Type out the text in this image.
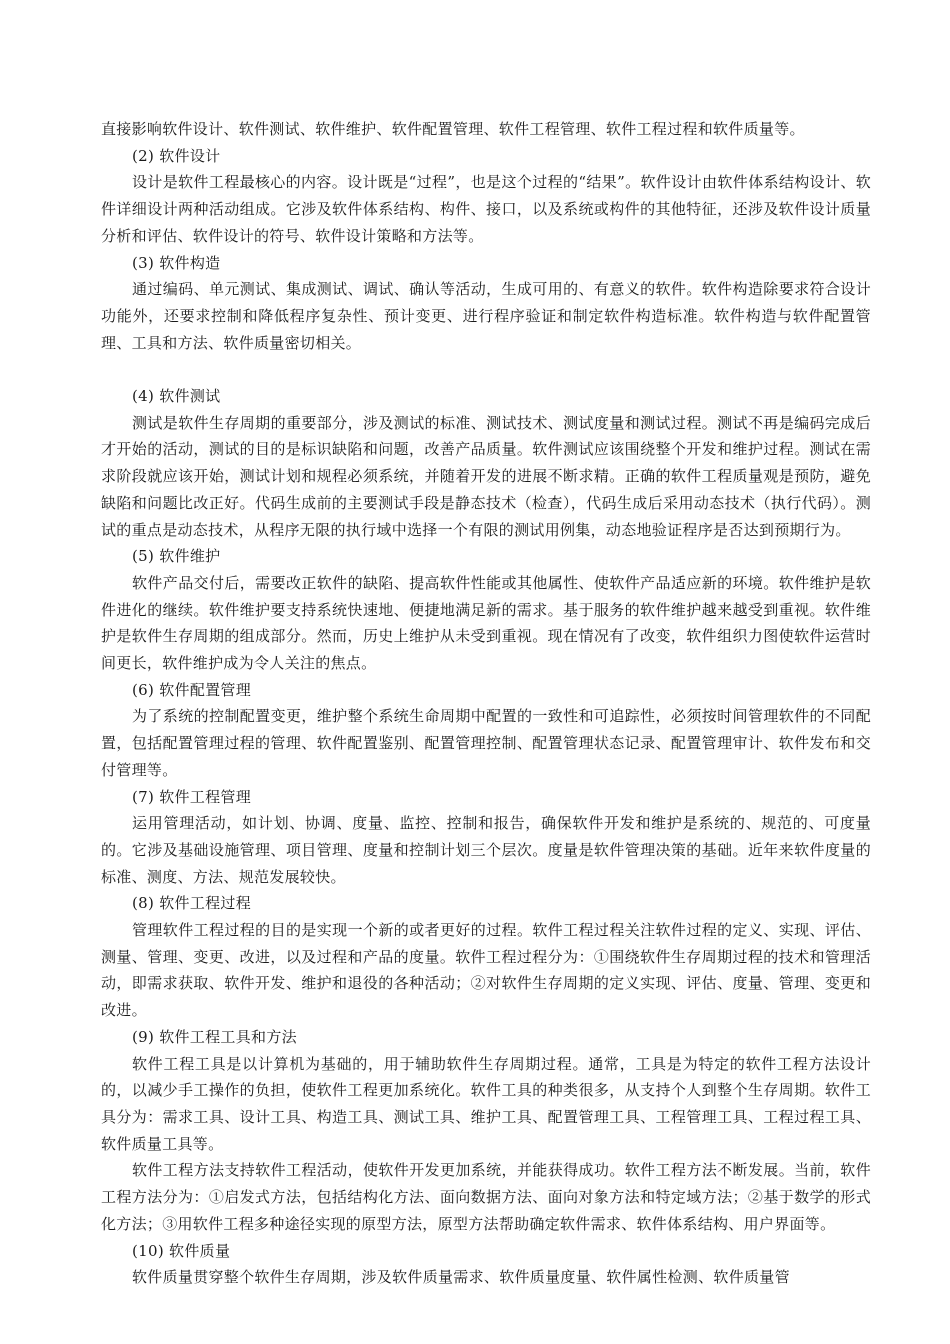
直接影响软件设计、软件测试、软件维护、软件配置管理、软件工程管理、软件工程过程和软件质量等。

(2) 软件设计

设计是软件工程最核心的内容。设计既是“过程”，也是这个过程的“结果”。软件设计由软件体系结构设计、软件详细设计两种活动组成。它涉及软件体系结构、构件、接口，以及系统或构件的其他特征，还涉及软件设计质量分析和评估、软件设计的符号、软件设计策略和方法等。

(3) 软件构造

通过编码、单元测试、集成测试、调试、确认等活动，生成可用的、有意义的软件。软件构造除要求符合设计功能外，还要求控制和降低程序复杂性、预计变更、进行程序验证和制定软件构造标准。软件构造与软件配置管理、工具和方法、软件质量密切相关。

(4) 软件测试

测试是软件生存周期的重要部分，涉及测试的标准、测试技术、测试度量和测试过程。测试不再是编码完成后才开始的活动，测试的目的是标识缺陷和问题，改善产品质量。软件测试应该围绕整个开发和维护过程。测试在需求阶段就应该开始，测试计划和规程必须系统，并随着开发的进展不断求精。正确的软件工程质量观是预防，避免缺陷和问题比改正好。代码生成前的主要测试手段是静态技术（检查），代码生成后采用动态技术（执行代码）。测试的重点是动态技术，从程序无限的执行域中选择一个有限的测试用例集，动态地验证程序是否达到预期行为。

(5) 软件维护

软件产品交付后，需要改正软件的缺陷、提高软件性能或其他属性、使软件产品适应新的环境。软件维护是软件进化的继续。软件维护要支持系统快速地、便捷地满足新的需求。基于服务的软件维护越来越受到重视。软件维护是软件生存周期的组成部分。然而，历史上维护从未受到重视。现在情况有了改变，软件组织力图使软件运营时间更长，软件维护成为令人关注的焦点。

(6) 软件配置管理

为了系统的控制配置变更，维护整个系统生命周期中配置的一致性和可追踪性，必须按时间管理软件的不同配置，包括配置管理过程的管理、软件配置鉴别、配置管理控制、配置管理状态记录、配置管理审计、软件发布和交付管理等。

(7) 软件工程管理

运用管理活动，如计划、协调、度量、监控、控制和报告，确保软件开发和维护是系统的、规范的、可度量的。它涉及基础设施管理、项目管理、度量和控制计划三个层次。度量是软件管理决策的基础。近年来软件度量的标准、测度、方法、规范发展较快。

(8) 软件工程过程

管理软件工程过程的目的是实现一个新的或者更好的过程。软件工程过程关注软件过程的定义、实现、评估、测量、管理、变更、改进，以及过程和产品的度量。软件工程过程分为：①围绕软件生存周期过程的技术和管理活动，即需求获取、软件开发、维护和退役的各种活动；②对软件生存周期的定义实现、评估、度量、管理、变更和改进。

(9) 软件工程工具和方法

软件工程工具是以计算机为基础的，用于辅助软件生存周期过程。通常，工具是为特定的软件工程方法设计的，以减少手工操作的负担，使软件工程更加系统化。软件工具的种类很多，从支持个人到整个生存周期。软件工具分为：需求工具、设计工具、构造工具、测试工具、维护工具、配置管理工具、工程管理工具、工程过程工具、软件质量工具等。

软件工程方法支持软件工程活动，使软件开发更加系统，并能获得成功。软件工程方法不断发展。当前，软件工程方法分为：①启发式方法，包括结构化方法、面向数据方法、面向对象方法和特定域方法；②基于数学的形式化方法；③用软件工程多种途径实现的原型方法，原型方法帮助确定软件需求、软件体系结构、用户界面等。

(10) 软件质量

软件质量贯穿整个软件生存周期，涉及软件质量需求、软件质量度量、软件属性检测、软件质量管
